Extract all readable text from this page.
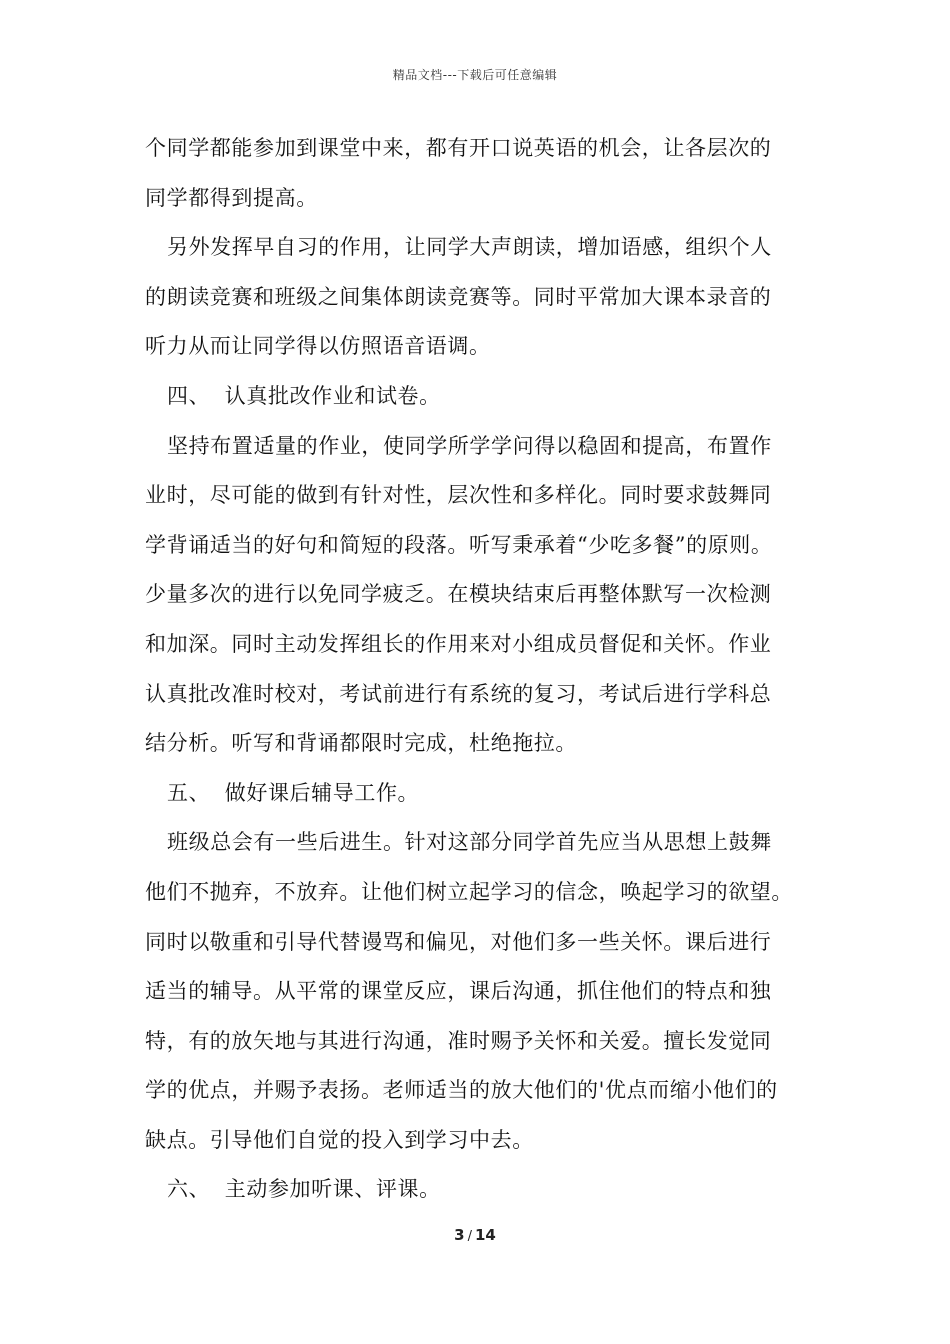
精品文档---下载后可任意编辑
个同学都能参加到课堂中来，都有开口说英语的机会，让各层次的
同学都得到提高。
另外发挥早自习的作用，让同学大声朗读，增加语感，组织个人
的朗读竞赛和班级之间集体朗读竞赛等。同时平常加大课本录音的
听力从而让同学得以仿照语音语调。
四、  认真批改作业和试卷。
坚持布置适量的作业，使同学所学学问得以稳固和提高，布置作
业时，尽可能的做到有针对性，层次性和多样化。同时要求鼓舞同
学背诵适当的好句和简短的段落。听写秉承着“少吃多餐”的原则。
少量多次的进行以免同学疲乏。在模块结束后再整体默写一次检测
和加深。同时主动发挥组长的作用来对小组成员督促和关怀。作业
认真批改准时校对，考试前进行有系统的复习，考试后进行学科总
结分析。听写和背诵都限时完成，杜绝拖拉。
五、  做好课后辅导工作。
班级总会有一些后进生。针对这部分同学首先应当从思想上鼓舞
他们不抛弃，不放弃。让他们树立起学习的信念，唤起学习的欲望。
同时以敬重和引导代替谩骂和偏见，对他们多一些关怀。课后进行
适当的辅导。从平常的课堂反应，课后沟通，抓住他们的特点和独
特，有的放矢地与其进行沟通，准时赐予关怀和关爱。擅长发觉同
学的优点，并赐予表扬。老师适当的放大他们的'优点而缩小他们的
缺点。引导他们自觉的投入到学习中去。
六、  主动参加听课、评课。
3 / 14
